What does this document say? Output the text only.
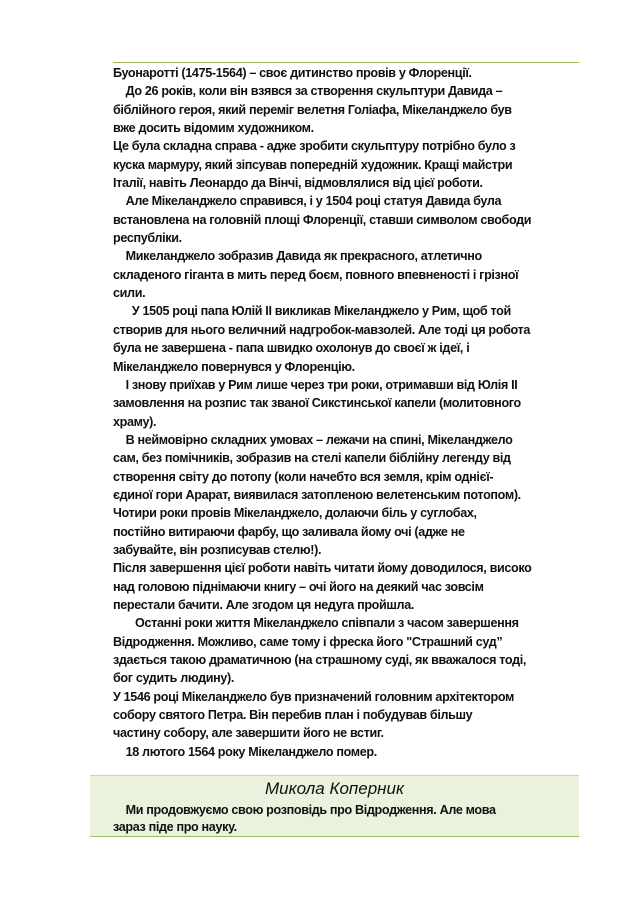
Буонаротті (1475-1564) – своє дитинство провів у Флоренції.

До 26 років, коли він взявся за створення скульптури Давида –

біблійного героя, який переміг велетня Голіафа, Мікеланджело був

вже досить відомим художником.

Це була складна справа - адже зробити скульптуру потрібно було з

куска мармуру, який зіпсував попередній художник. Кращі майстри

Італії, навіть Леонардо да Вінчі, відмовлялися від цієї роботи.

Але Мікеланджело справився, і у 1504 році статуя Давида була

встановлена на головній площі Флоренції, ставши символом свободи

республіки.

Микеланджело зобразив Давида як прекрасного, атлетично

складеного гіганта в мить перед боєм, повного впевненості і грізної

сили.

У 1505 році папа Юлій II викликав Мікеланджело у Рим, щоб той

створив для нього величний надгробок-мавзолей. Але тоді ця робота

була не завершена - папа швидко охолонув до своєї ж ідеї, і

Мікеланджело повернувся у Флоренцію.

І знову приїхав у Рим лише через три роки, отримавши від Юлія ІІ

замовлення на розпис так званої Сикстинської капели (молитовного

храму).

В неймовірно складних умовах – лежачи на спині, Мікеланджело

сам, без помічників, зобразив на стелі капели біблійну легенду від

створення світу до потопу (коли начебто вся земля, крім однієї-

єдиної гори Арарат, виявилася затопленою велетенським потопом).

Чотири роки провів Мікеланджело, долаючи біль у суглобах,

постійно витираючи фарбу, що заливала йому очі (адже не

забувайте, він розписував стелю!).

Після завершення цієї роботи навіть читати йому доводилося, високо

над головою піднімаючи книгу – очі його на деякий час зовсім

перестали бачити. Але згодом ця недуга пройшла.

Останні роки життя Мікеланджело співпали з часом завершення

Відродження. Можливо, саме тому і фреска його "Страшний суд”

здається такою драматичною (на страшному суді, як вважалося тоді,

бог судить людину).

У 1546 році Мікеланджело був призначений головним архітектором

собору святого Петра. Він перебив план і побудував більшу

частину собору, але завершити його не встиг.

18 лютого 1564 року Мікеланджело помер.

Микола Коперник

Ми продовжуємо свою розповідь про Відродження. Але мова

зараз піде про науку.
